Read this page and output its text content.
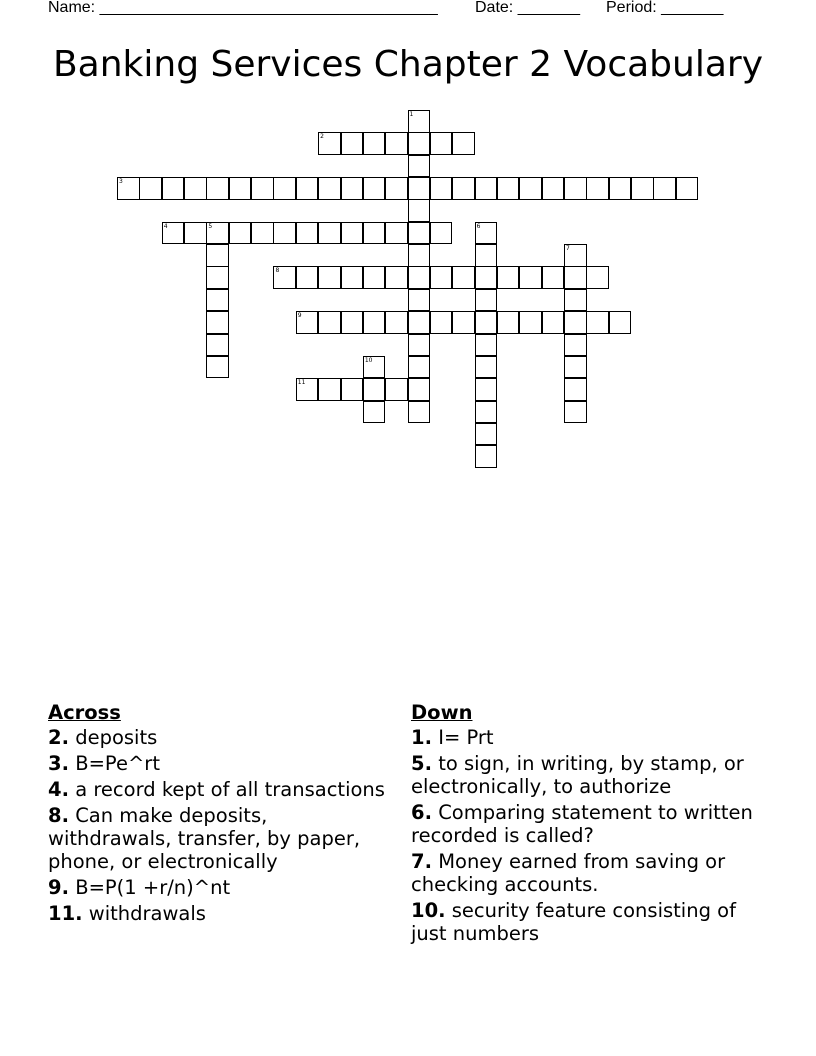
Name: ______________________________________ Date: _______ Period: _______
Banking Services Chapter 2 Vocabulary
1
2
3
4	5	6
7
8
9
10
11
Across
2. deposits
3. B=Pe^rt
4. a record kept of all transactions
8. Can make deposits, withdrawals, transfer, by paper, phone, or electronically
9. B=P(1 +r/n)^nt
11. withdrawals
Down
1. I= Prt
5. to sign, in writing, by stamp, or electronically, to authorize
6. Comparing statement to written recorded is called?
7. Money earned from saving or checking accounts.
10. security feature consisting of just numbers
